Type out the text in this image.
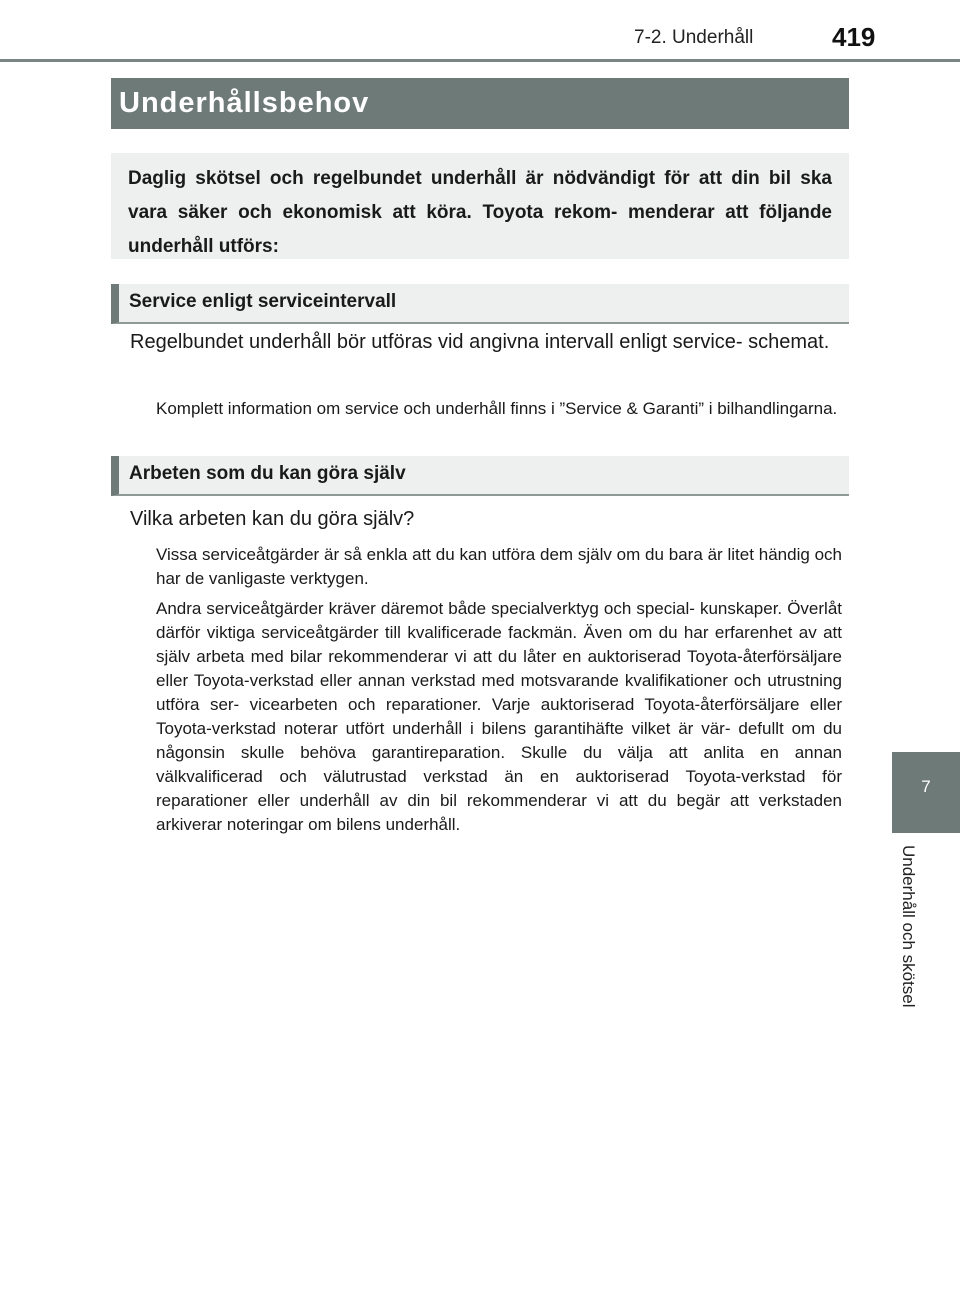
7-2. Underhåll	419
Underhållsbehov

Daglig skötsel och regelbundet underhåll är nödvändigt för att din bil ska vara säker och ekonomisk att köra. Toyota rekom- menderar att följande underhåll utförs:

Service enligt serviceintervall

Regelbundet underhåll bör utföras vid angivna intervall enligt service- schemat.

Komplett information om service och underhåll finns i ”Service & Garanti” i bilhandlingarna.

Arbeten som du kan göra själv

Vilka arbeten kan du göra själv?

Vissa serviceåtgärder är så enkla att du kan utföra dem själv om du bara är litet händig och har de vanligaste verktygen.

Andra serviceåtgärder kräver däremot både specialverktyg och special- kunskaper. Överlåt därför viktiga serviceåtgärder till kvalificerade fackmän. Även om du har erfarenhet av att själv arbeta med bilar rekommenderar vi att du låter en auktoriserad Toyota-återförsäljare eller Toyota-verkstad eller annan verkstad med motsvarande kvalifikationer och utrustning utföra ser- vicearbeten och reparationer. Varje auktoriserad Toyota-återförsäljare eller Toyota-verkstad noterar utfört underhåll i bilens garantihäfte vilket är vär- defullt om du någonsin skulle behöva garantireparation. Skulle du välja att anlita en annan välkvalificerad och välutrustad verkstad än en auktoriserad Toyota-verkstad för reparationer eller underhåll av din bil rekommenderar vi att du begär att verkstaden arkiverar noteringar om bilens underhåll.

7
Underhåll och skötsel
